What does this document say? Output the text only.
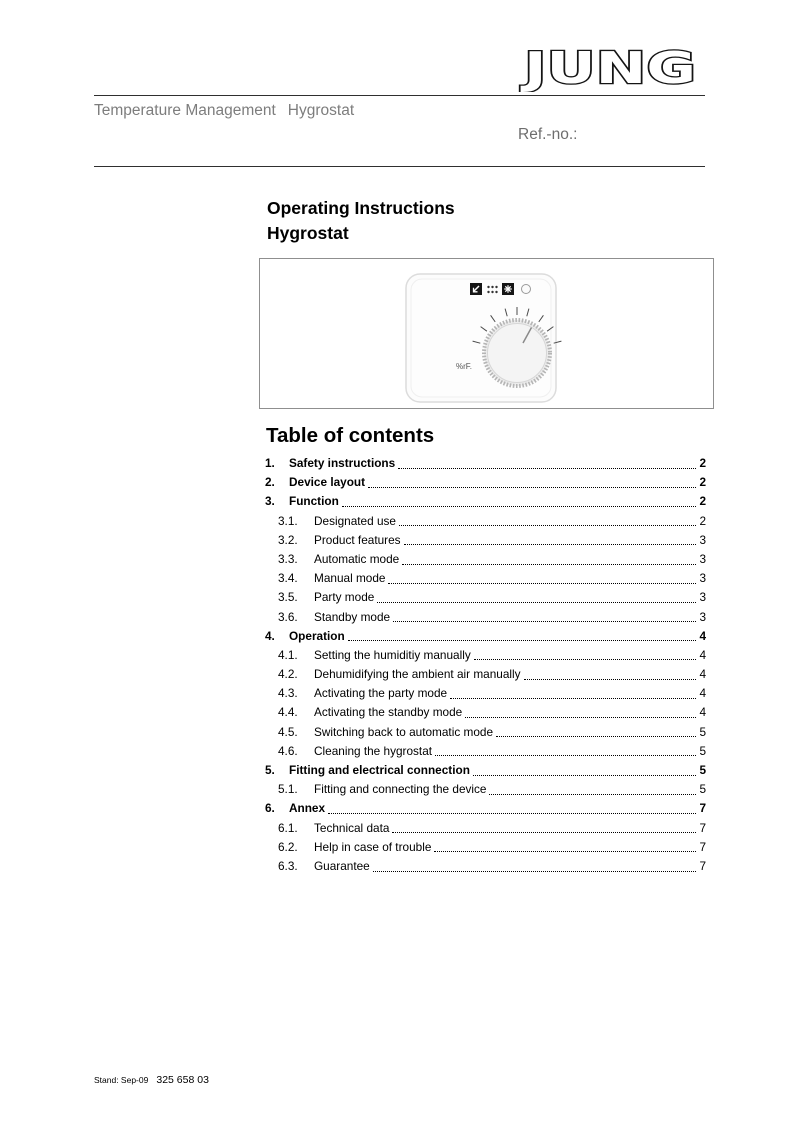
JUNG
Temperature Management Hygrostat
Ref.-no.:
Operating Instructions
Hygrostat
%rF.
Table of contents
1.	Safety instructions	2
2.	Device layout	2
3.	Function	2
3.1.	Designated use	2
3.2.	Product features	3
3.3.	Automatic mode	3
3.4.	Manual mode	3
3.5.	Party mode	3
3.6.	Standby mode	3
4.	Operation	4
4.1.	Setting the humiditiy manually	4
4.2.	Dehumidifying the ambient air manually	4
4.3.	Activating the party mode	4
4.4.	Activating the standby mode	4
4.5.	Switching back to automatic mode	5
4.6.	Cleaning the hygrostat	5
5.	Fitting and electrical connection	5
5.1.	Fitting and connecting the device	5
6.	Annex	7
6.1.	Technical data	7
6.2.	Help in case of trouble	7
6.3.	Guarantee	7
Stand: Sep-09 325 658 03
